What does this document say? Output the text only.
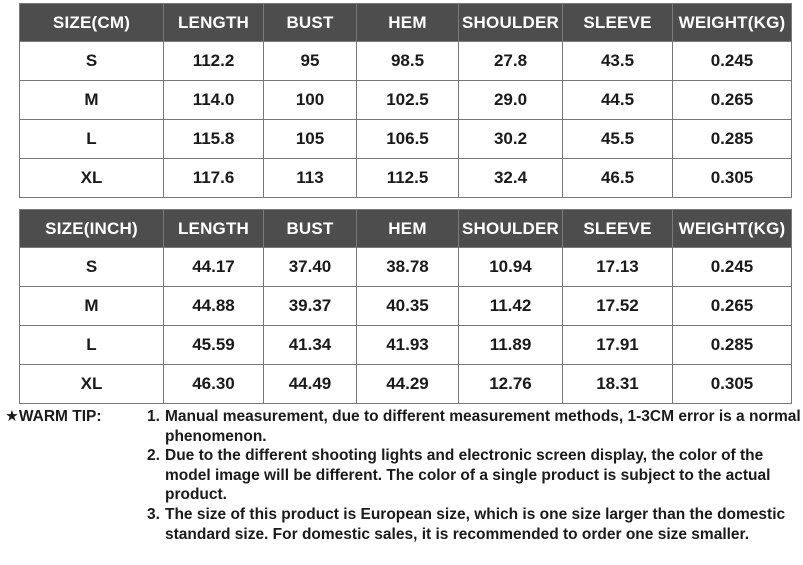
SIZE(CM)	LENGTH	BUST	HEM	SHOULDER	SLEEVE	WEIGHT(KG)
S	112.2	95	98.5	27.8	43.5	0.245
M	114.0	100	102.5	29.0	44.5	0.265
L	115.8	105	106.5	30.2	45.5	0.285
XL	117.6	113	112.5	32.4	46.5	0.305
SIZE(INCH)	LENGTH	BUST	HEM	SHOULDER	SLEEVE	WEIGHT(KG)
S	44.17	37.40	38.78	10.94	17.13	0.245
M	44.88	39.37	40.35	11.42	17.52	0.265
L	45.59	41.34	41.93	11.89	17.91	0.285
XL	46.30	44.49	44.29	12.76	18.31	0.305
★WARM TIP:	1. Manual measurement, due to different measurement methods, 1-3CM error is a normal phenomenon.
2. Due to the different shooting lights and electronic screen display, the color of the model image will be different. The color of a single product is subject to the actual product.
3. The size of this product is European size, which is one size larger than the domestic standard size. For domestic sales, it is recommended to order one size smaller.
